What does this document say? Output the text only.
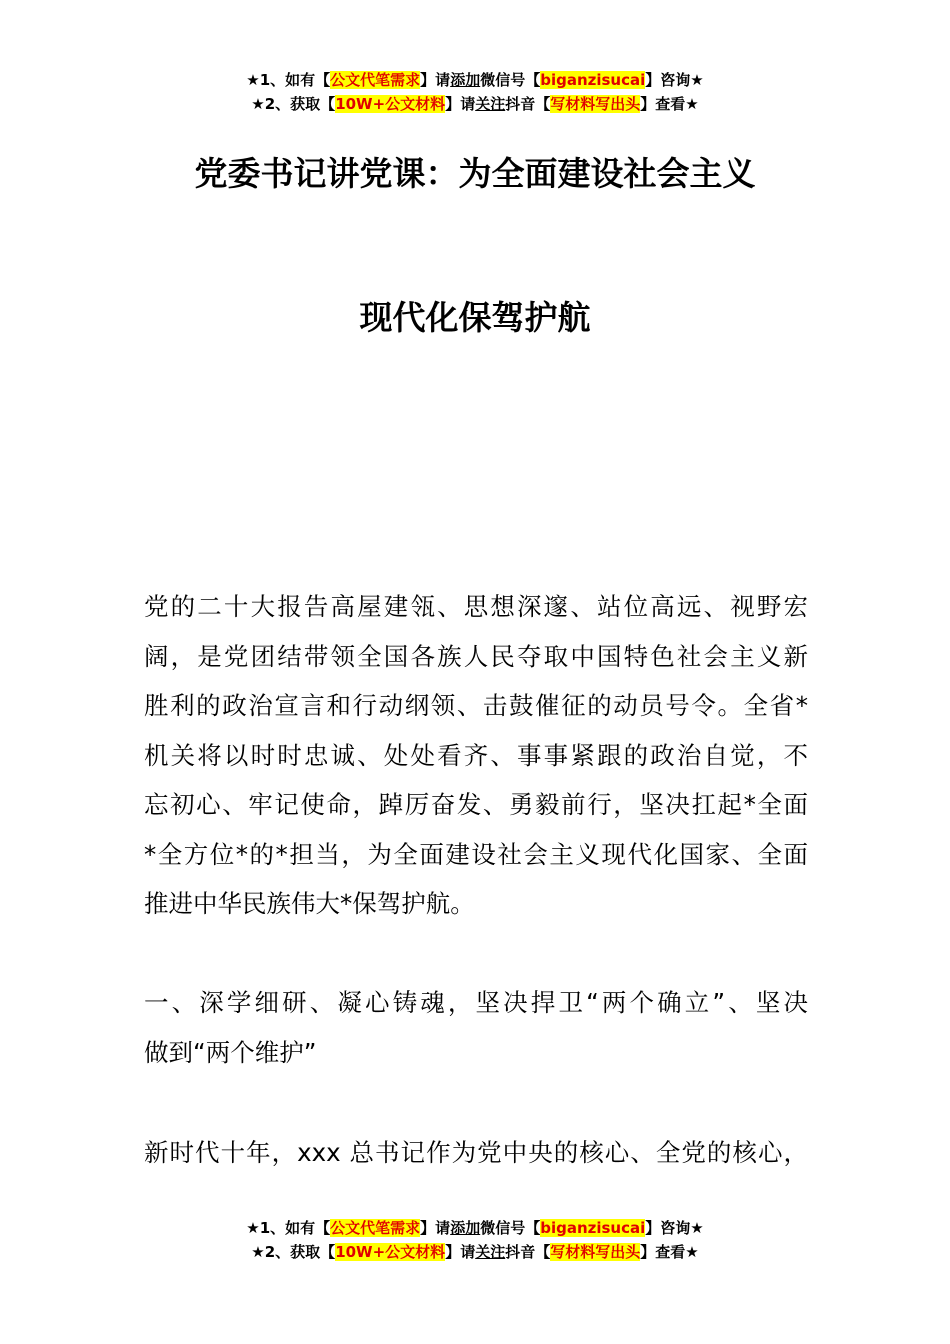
★1、如有【公文代笔需求】请添加微信号【biganzisucai】咨询★
★2、获取【10W+公文材料】请关注抖音【写材料写出头】查看★
党委书记讲党课：为全面建设社会主义
现代化保驾护航
党的二十大报告高屋建瓴、思想深邃、站位高远、视野宏
阔，是党团结带领全国各族人民夺取中国特色社会主义新
胜利的政治宣言和行动纲领、击鼓催征的动员号令。全省*
机关将以时时忠诚、处处看齐、事事紧跟的政治自觉，不
忘初心、牢记使命，踔厉奋发、勇毅前行，坚决扛起*全面
*全方位*的*担当，为全面建设社会主义现代化国家、全面
推进中华民族伟大*保驾护航。
一、深学细研、凝心铸魂，坚决捍卫“两个确立”、坚决
做到“两个维护”
新时代十年，xxx 总书记作为党中央的核心、全党的核心，
★1、如有【公文代笔需求】请添加微信号【biganzisucai】咨询★
★2、获取【10W+公文材料】请关注抖音【写材料写出头】查看★
